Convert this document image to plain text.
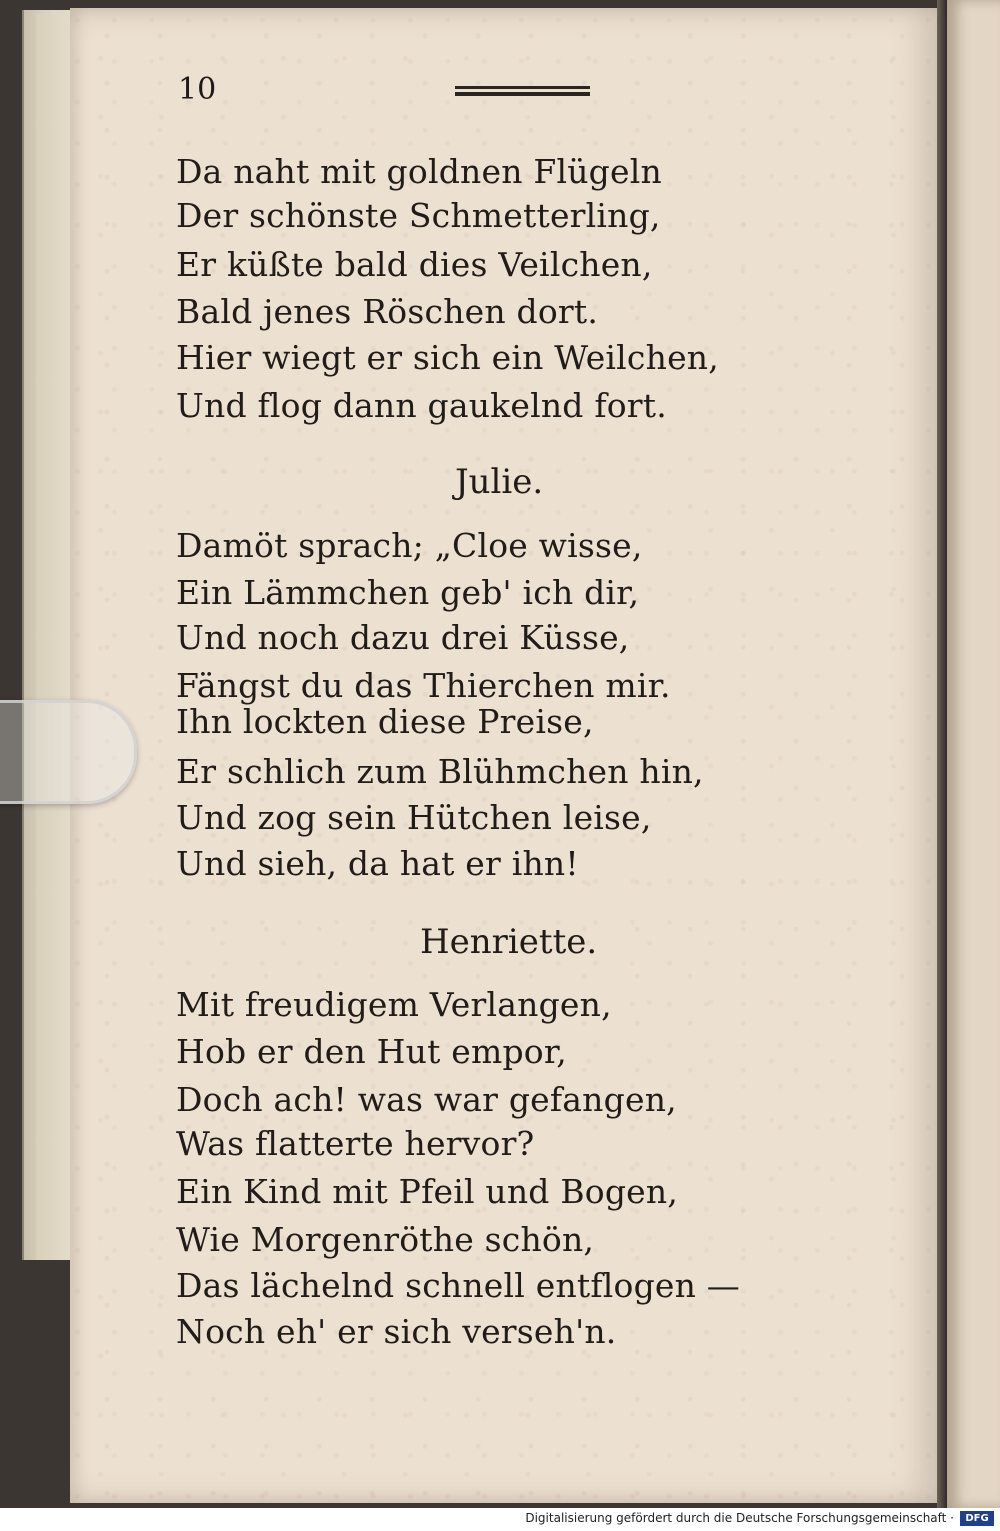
10
Da naht mit goldnen Flügeln
Der schönste Schmetterling,
Er küßte bald dies Veilchen,
Bald jenes Röschen dort.
Hier wiegt er sich ein Weilchen,
Und flog dann gaukelnd fort.
Julie.
Damöt sprach; „Cloe wisse,
Ein Lämmchen geb' ich dir,
Und noch dazu drei Küsse,
Fängst du das Thierchen mir.
Ihn lockten diese Preise,
Er schlich zum Blühmchen hin,
Und zog sein Hütchen leise,
Und sieh, da hat er ihn!
Henriette.
Mit freudigem Verlangen,
Hob er den Hut empor,
Doch ach! was war gefangen,
Was flatterte hervor?
Ein Kind mit Pfeil und Bogen,
Wie Morgenröthe schön,
Das lächelnd schnell entflogen —
Noch eh' er sich verseh'n.
Digitalisierung gefördert durch die Deutsche Forschungsgemeinschaft ·	DFG
